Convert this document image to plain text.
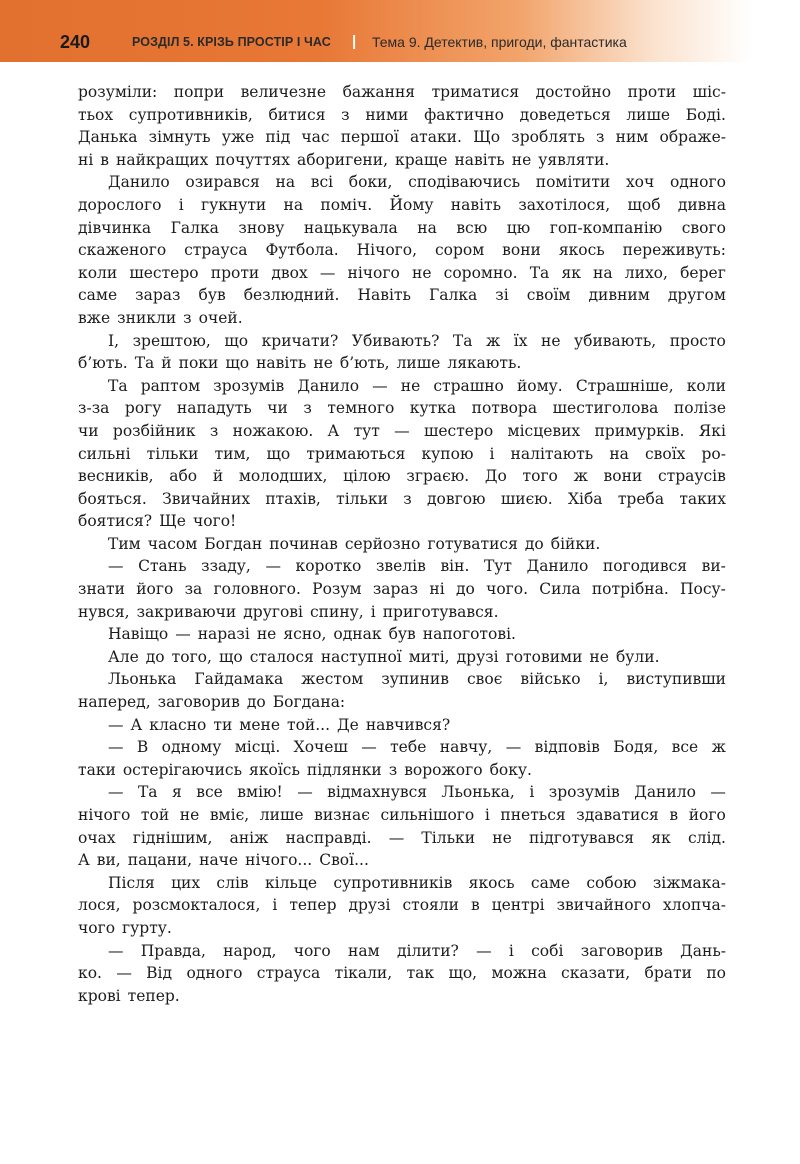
240	РОЗДІЛ 5. КРІЗЬ ПРОСТІР І ЧАС | Тема 9. Детектив, пригоди, фантастика
розуміли: попри величезне бажання триматися достойно проти шіс-
тьох супротивників, битися з ними фактично доведеться лише Боді.
Данька зімнуть уже під час першої атаки. Що зроблять з ним ображе-
ні в найкращих почуттях аборигени, краще навіть не уявляти.
Данило озирався на всі боки, сподіваючись помітити хоч одного
дорослого і гукнути на поміч. Йому навіть захотілося, щоб дивна
дівчинка Галка знову нацькувала на всю цю гоп-компанію свого
скаженого страуса Футбола. Нічого, сором вони якось переживуть:
коли шестеро проти двох — нічого не соромно. Та як на лихо, берег
саме зараз був безлюдний. Навіть Галка зі своїм дивним другом
вже зникли з очей.
І, зрештою, що кричати? Убивають? Та ж їх не убивають, просто
б’ють. Та й поки що навіть не б’ють, лише лякають.
Та раптом зрозумів Данило — не страшно йому. Страшніше, коли
з-за рогу нападуть чи з темного кутка потвора шестиголова полізе
чи розбійник з ножакою. А тут — шестеро місцевих примурків. Які
сильні тільки тим, що тримаються купою і налітають на своїх ро-
весників, або й молодших, цілою зграєю. До того ж вони страусів
бояться. Звичайних птахів, тільки з довгою шиєю. Хіба треба таких
боятися? Ще чого!
Тим часом Богдан починав серйозно готуватися до бійки.
— Стань ззаду, — коротко звелів він. Тут Данило погодився ви-
знати його за головного. Розум зараз ні до чого. Сила потрібна. Посу-
нувся, закриваючи другові спину, і приготувався.
Навіщо — наразі не ясно, однак був напоготові.
Але до того, що сталося наступної миті, друзі готовими не були.
Льонька Гайдамака жестом зупинив своє військо і, виступивши
наперед, заговорив до Богдана:
— А класно ти мене той... Де навчився?
— В одному місці. Хочеш — тебе навчу, — відповів Бодя, все ж
таки остерігаючись якоїсь підлянки з ворожого боку.
— Та я все вмію! — відмахнувся Льонька, і зрозумів Данило —
нічого той не вміє, лише визнає сильнішого і пнеться здаватися в його
очах гіднішим, аніж насправді. — Тільки не підготувався як слід.
А ви, пацани, наче нічого... Свої...
Після цих слів кільце супротивників якось саме собою зіжмака-
лося, розсмокталося, і тепер друзі стояли в центрі звичайного хлопча-
чого гурту.
— Правда, народ, чого нам ділити? — і собі заговорив Дань-
ко. — Від одного страуса тікали, так що, можна сказати, брати по
крові тепер.
